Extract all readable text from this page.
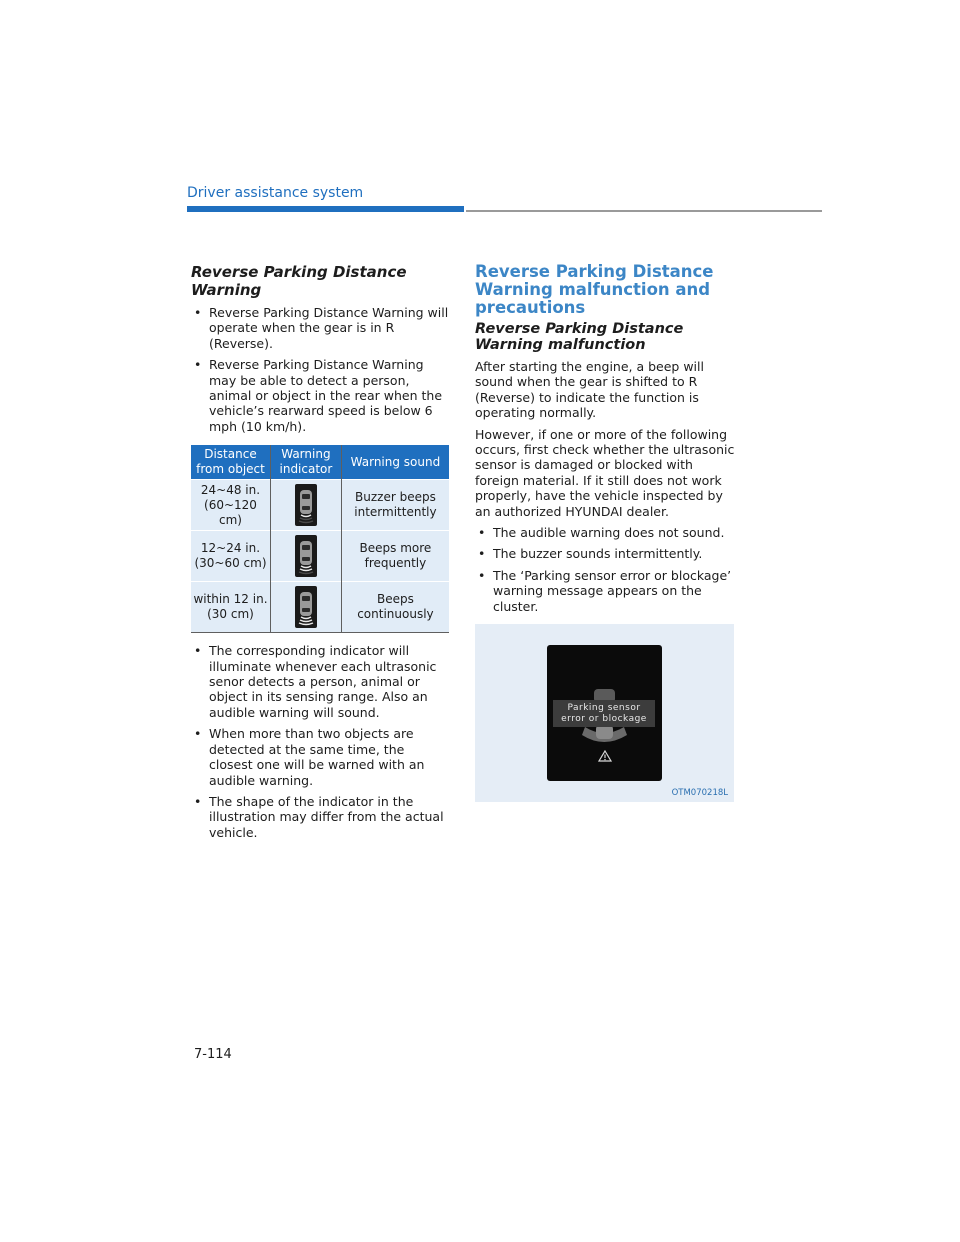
Driver assistance system
Reverse Parking Distance Warning
• Reverse Parking Distance Warning will operate when the gear is in R (Reverse).
• Reverse Parking Distance Warning may be able to detect a person, animal or object in the rear when the vehicle’s rearward speed is below 6 mph (10 km/h).
Distance from object	Warning indicator	Warning sound
24~48 in. (60~120 cm)		Buzzer beeps intermittently
12~24 in. (30~60 cm)		Beeps more frequently
within 12 in. (30 cm)		Beeps continuously
• The corresponding indicator will illuminate whenever each ultrasonic senor detects a person, animal or object in its sensing range. Also an audible warning will sound.
• When more than two objects are detected at the same time, the closest one will be warned with an audible warning.
• The shape of the indicator in the illustration may differ from the actual vehicle.
Reverse Parking Distance Warning malfunction and precautions
Reverse Parking Distance Warning malfunction

After starting the engine, a beep will sound when the gear is shifted to R (Reverse) to indicate the function is operating normally.

However, if one or more of the following occurs, first check whether the ultrasonic sensor is damaged or blocked with foreign material. If it still does not work properly, have the vehicle inspected by an authorized HYUNDAI dealer.

• The audible warning does not sound.
• The buzzer sounds intermittently.
• The ‘Parking sensor error or blockage’ warning message appears on the cluster.
Parking sensor
error or blockage
OTM070218L
7-114
